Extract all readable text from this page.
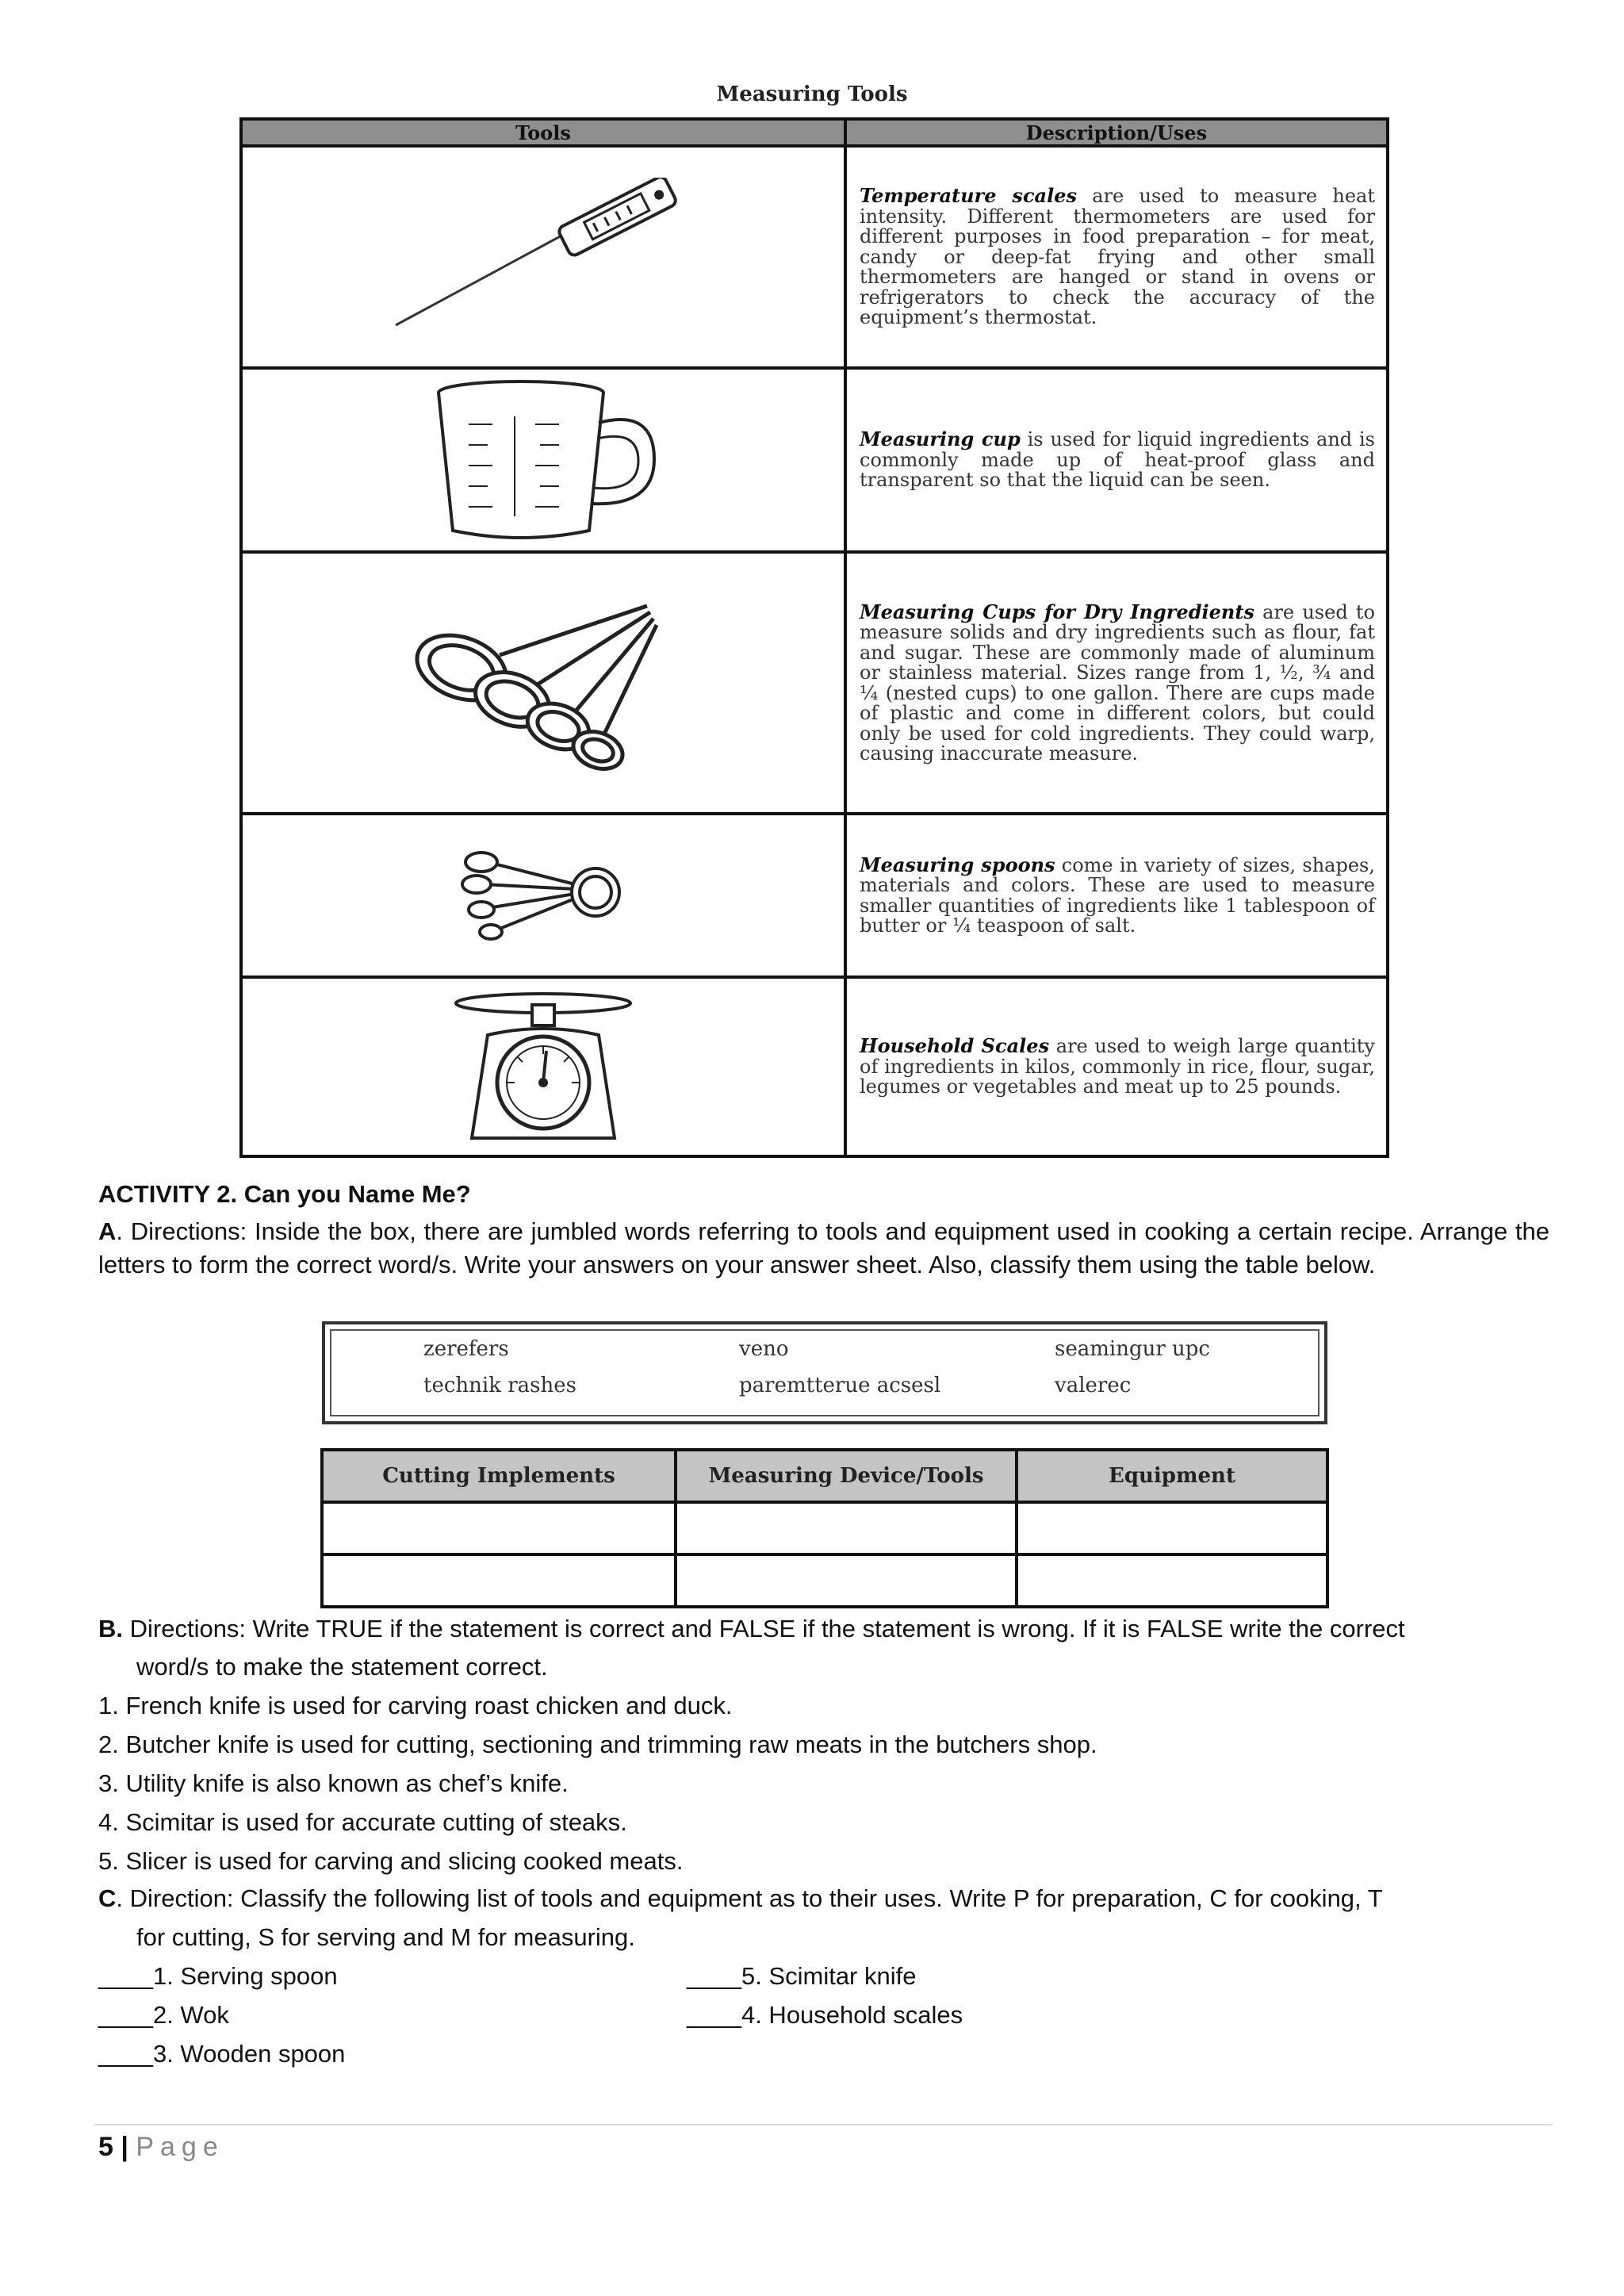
Measuring Tools
Tools	Description/Uses

Temperature scales are used to measure heat intensity. Different thermometers are used for different purposes in food preparation – for meat, candy or deep-fat frying and other small thermometers are hanged or stand in ovens or refrigerators to check the accuracy of the equipment’s thermostat.

Measuring cup is used for liquid ingredients and is commonly made up of heat-proof glass and transparent so that the liquid can be seen.

Measuring Cups for Dry Ingredients are used to measure solids and dry ingredients such as flour, fat and sugar. These are commonly made of aluminum or stainless material. Sizes range from 1, ½, ¾ and ¼ (nested cups) to one gallon. There are cups made of plastic and come in different colors, but could only be used for cold ingredients. They could warp, causing inaccurate measure.

Measuring spoons come in variety of sizes, shapes, materials and colors. These are used to measure smaller quantities of ingredients like 1 tablespoon of butter or ¼ teaspoon of salt.

Household Scales are used to weigh large quantity of ingredients in kilos, commonly in rice, flour, sugar, legumes or vegetables and meat up to 25 pounds.

ACTIVITY 2. Can you Name Me?
A. Directions: Inside the box, there are jumbled words referring to tools and equipment used in cooking a certain recipe. Arrange the letters to form the correct word/s. Write your answers on your answer sheet. Also, classify them using the table below.
zerefers	veno	seamingur upc
technik rashes	paremtterue acsesl	valerec
Cutting Implements	Measuring Device/Tools	Equipment

B. Directions: Write TRUE if the statement is correct and FALSE if the statement is wrong. If it is FALSE write the correct
word/s to make the statement correct.
1. French knife is used for carving roast chicken and duck.
2. Butcher knife is used for cutting, sectioning and trimming raw meats in the butchers shop.
3. Utility knife is also known as chef’s knife.
4. Scimitar is used for accurate cutting of steaks.
5. Slicer is used for carving and slicing cooked meats.
C. Direction: Classify the following list of tools and equipment as to their uses. Write P for preparation, C for cooking, T
for cutting, S for serving and M for measuring.
____1. Serving spoon
____2. Wok
____3. Wooden spoon
____5. Scimitar knife
____4. Household scales
5 | Page
